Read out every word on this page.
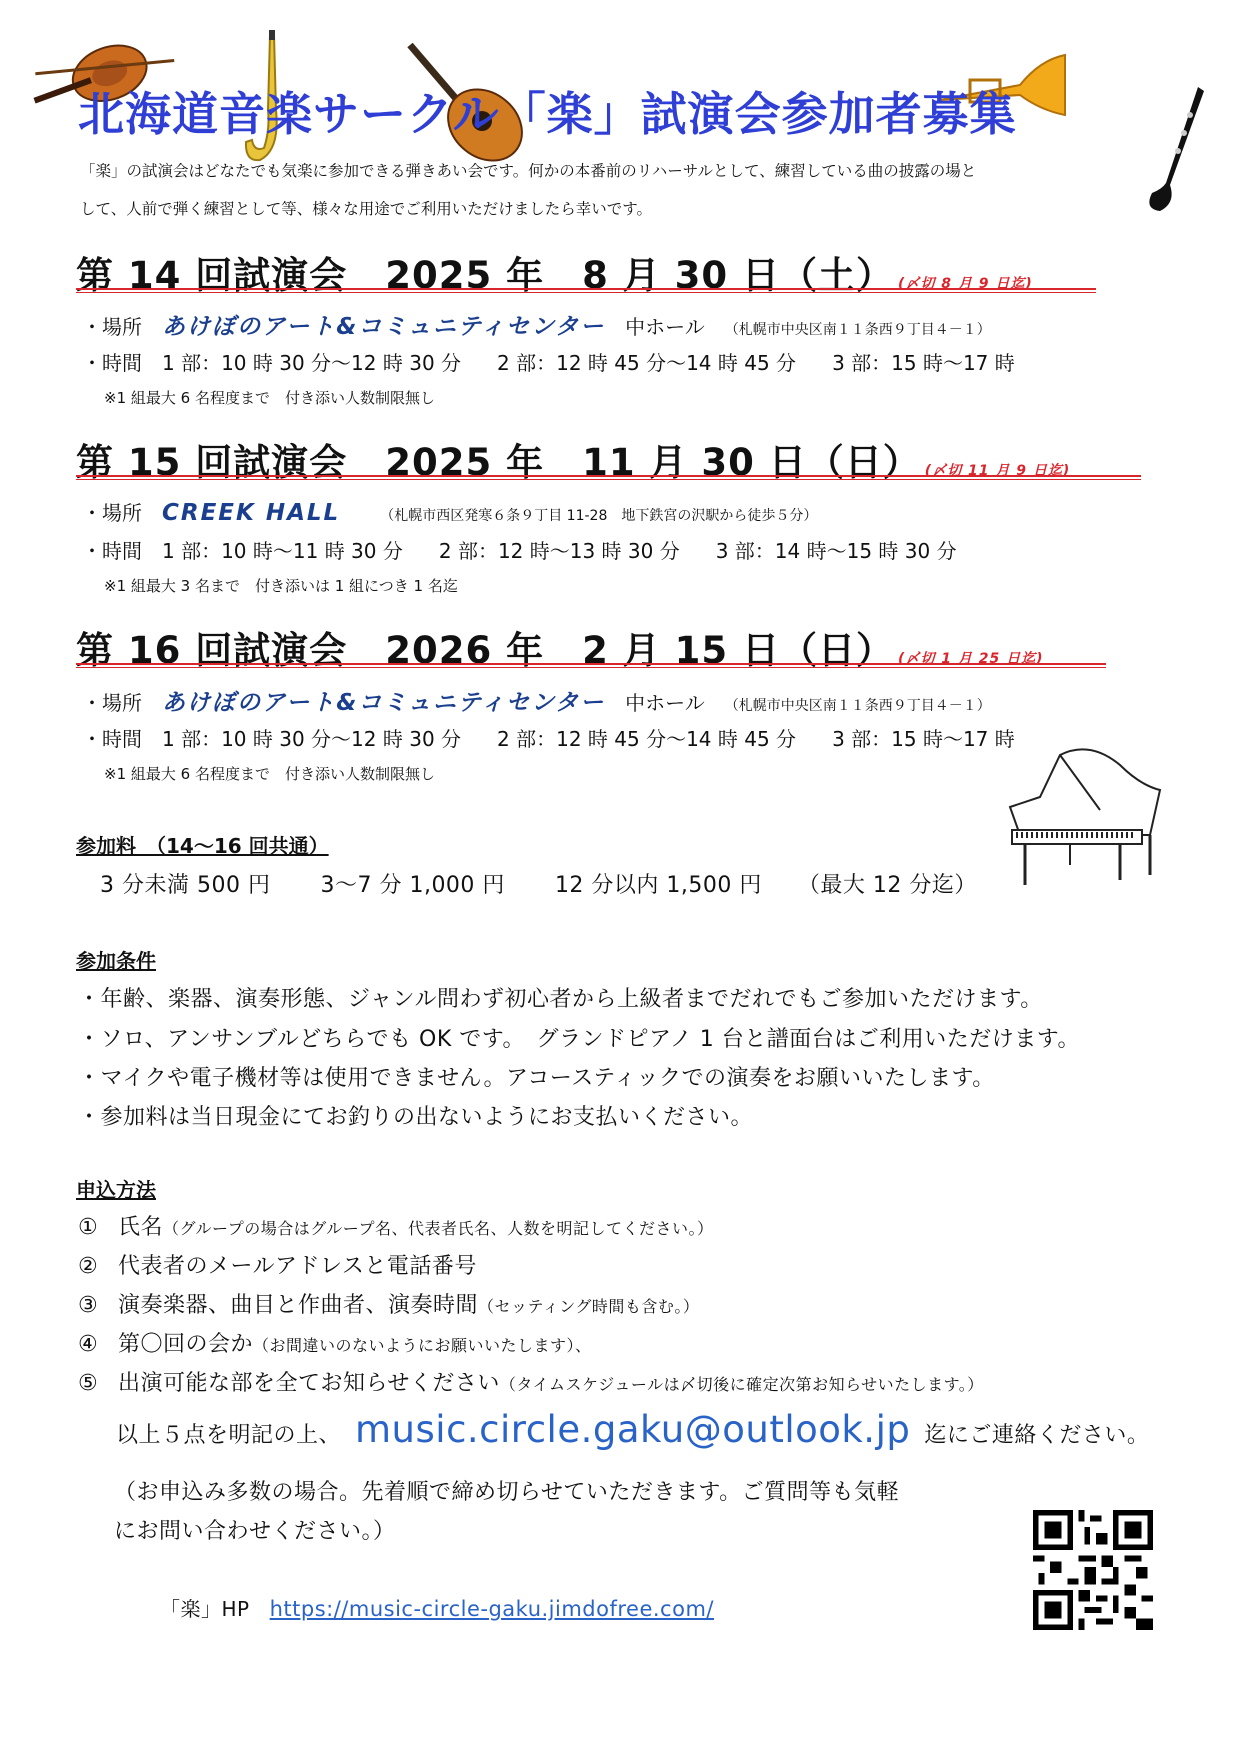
北海道音楽サークル「楽」試演会参加者募集
「楽」の試演会はどなたでも気楽に参加できる弾きあい会です。何かの本番前のリハーサルとして、練習している曲の披露の場と
して、人前で弾く練習として等、様々な用途でご利用いただけましたら幸いです。
第 14 回試演会　2025 年　8 月 30 日（土） (〆切 8 月 9 日迄)
・場所 あけぼのアート&コミュニティセンター 中ホール （札幌市中央区南１１条西９丁目４－１）
・時間　 1 部：10 時 30 分～12 時 30 分 2 部：12 時 45 分～14 時 45 分 3 部：15 時～17 時
※1 組最大 6 名程度まで　付き添い人数制限無し
第 15 回試演会　2025 年　11 月 30 日（日） (〆切 11 月 9 日迄)
・場所 CREEK HALL	（札幌市西区発寒６条９丁目 11-28　地下鉄宮の沢駅から徒歩５分）
・時間　 1 部：10 時～11 時 30 分 2 部：12 時～13 時 30 分 3 部：14 時～15 時 30 分
※1 組最大 3 名まで　付き添いは 1 組につき 1 名迄
第 16 回試演会　2026 年　2 月 15 日（日） (〆切 1 月 25 日迄)
・場所 あけぼのアート&コミュニティセンター 中ホール （札幌市中央区南１１条西９丁目４－１）
・時間　 1 部：10 時 30 分～12 時 30 分 2 部：12 時 45 分～14 時 45 分 3 部：15 時～17 時
※1 組最大 6 名程度まで　付き添い人数制限無し
参加料　（14～16 回共通）
3 分未満 500 円 3～7 分 1,000 円 12 分以内 1,500 円 （最大 12 分迄）
参加条件
・年齢、楽器、演奏形態、ジャンル問わず初心者から上級者までだれでもご参加いただけます。
・ソロ、アンサンブルどちらでも OK です。　グランドピアノ 1 台と譜面台はご利用いただけます。
・マイクや電子機材等は使用できません。アコースティックでの演奏をお願いいたします。
・参加料は当日現金にてお釣りの出ないようにお支払いください。
申込方法
① 氏名（グループの場合はグループ名、代表者氏名、人数を明記してください。）
② 代表者のメールアドレスと電話番号
③ 演奏楽器、曲目と作曲者、演奏時間（セッティング時間も含む。）
④ 第〇回の会か（お間違いのないようにお願いいたします）、
⑤ 出演可能な部を全てお知らせください（タイムスケジュールは〆切後に確定次第お知らせいたします。）
以上５点を明記の上、 music.circle.gaku@outlook.jp 迄にご連絡ください。
（お申込み多数の場合。先着順で締め切らせていただきます。ご質問等も気軽
にお問い合わせください。）
「楽」HP https://music-circle-gaku.jimdofree.com/
